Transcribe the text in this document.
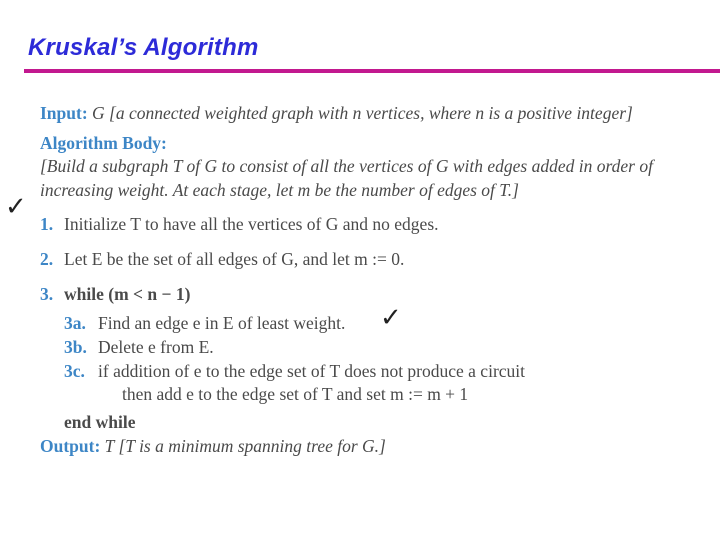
Kruskal’s Algorithm
Input: G [a connected weighted graph with n vertices, where n is a positive integer]
Algorithm Body:
[Build a subgraph T of G to consist of all the vertices of G with edges added in order of
increasing weight. At each stage, let m be the number of edges of T.]
✓
1. Initialize T to have all the vertices of G and no edges.
2. Let E be the set of all edges of G, and let m := 0.
3. while (m < n − 1)
3a. Find an edge e in E of least weight. ✓
3b. Delete e from E.
3c. if addition of e to the edge set of T does not produce a circuit
then add e to the edge set of T and set m := m + 1
end while
Output: T [T is a minimum spanning tree for G.]
